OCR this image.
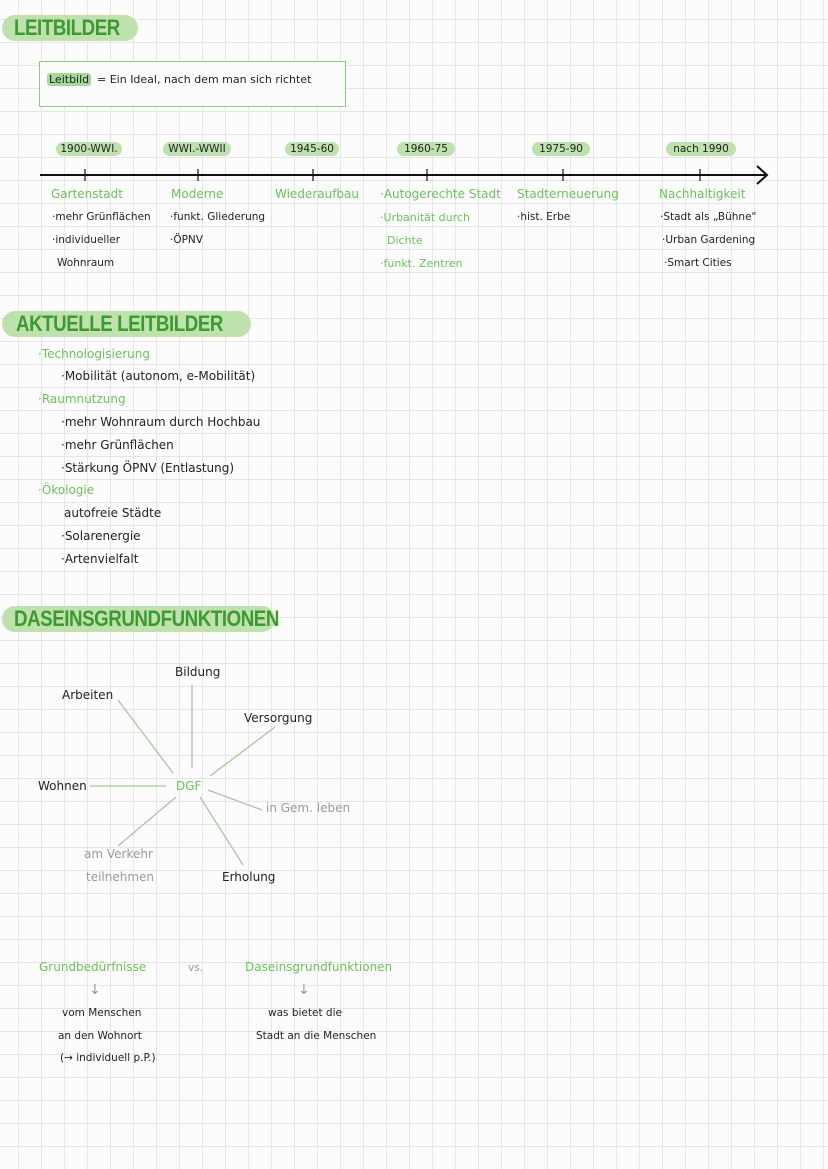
LEITBILDER
Leitbild = Ein Ideal, nach dem man sich richtet
1900-WWI.	WWI.-WWII	1945-60	1960-75	1975-90	nach 1990
Gartenstadt
·mehr Grünflächen
·individueller
Wohnraum
Moderne
·funkt. Gliederung
·ÖPNV
Wiederaufbau ·Autogerechte Stadt
·Urbanität durch
Dichte
·funkt. Zentren
Stadterneuerung
·hist. Erbe
Nachhaltigkeit
·Stadt als „Bühne"
·Urban Gardening
·Smart Cities
AKTUELLE LEITBILDER
·Technologisierung
·Mobilität (autonom, e-Mobilität)
·Raumnutzung
·mehr Wohnraum durch Hochbau
·mehr Grünflächen
·Stärkung ÖPNV (Entlastung)
·Ökologie
autofreie Städte
·Solarenergie
·Artenvielfalt
DASEINSGRUNDFUNKTIONEN
Bildung
Arbeiten
Versorgung
Wohnen	DGF
in Gem. leben
am Verkehr
teilnehmen	Erholung
Grundbedürfnisse	vs.	Daseinsgrundfunktionen
↓	↓
vom Menschen
an den Wohnort
(→ individuell p.P.)
was bietet die
Stadt an die Menschen
